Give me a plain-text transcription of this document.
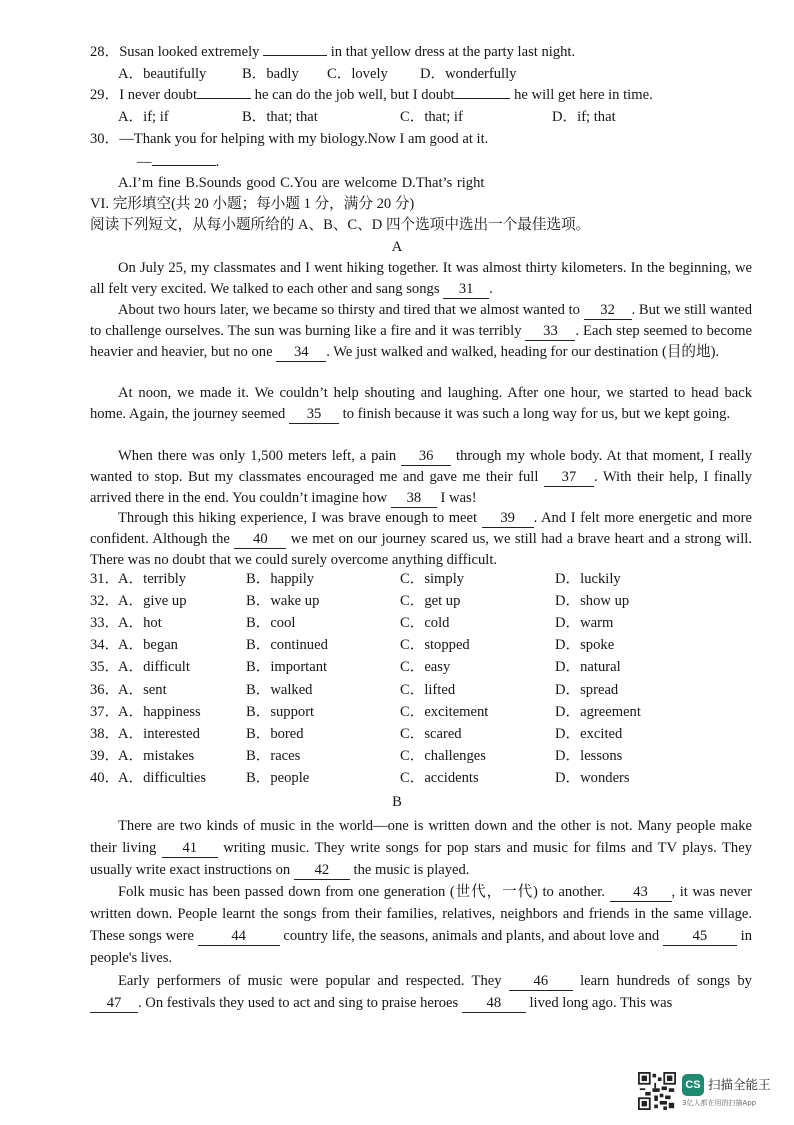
28．Susan looked extremely	in that yellow dress at the party last night.
A．beautifully B．badly C．lovely D．wonderfully
29．I never doubt	he can do the job well, but I doubt	he will get here in time.
A．if; if	B．that; that	C．that; if	D．if; that
30．—Thank you for helping with my biology.Now I am good at it.
—	.
A.I’m fine B.Sounds good C.You are welcome D.That’s right
VI. 完形填空(共 20 小题；每小题 1 分，满分 20 分)
阅读下列短文，从每小题所给的 A、B、C、D 四个选项中选出一个最佳选项。
A
On July 25, my classmates and I went hiking together. It was almost thirty kilometers. In the beginning, we all felt very excited. We talked to each other and sang songs 31 .
About two hours later, we became so thirsty and tired that we almost wanted to 32 . But we still wanted to challenge ourselves. The sun was burning like a fire and it was terribly 33 . Each step seemed to become heavier and heavier, but no one 34 . We just walked and walked, heading for our destination (目的地).
At noon, we made it. We couldn’t help shouting and laughing. After one hour, we started to head back home. Again, the journey seemed 35 to finish because it was such a long way for us, but we kept going.
When there was only 1,500 meters left, a pain 36 through my whole body. At that moment, I really wanted to stop. But my classmates encouraged me and gave me their full 37 . With their help, I finally arrived there in the end. You couldn’t imagine how 38 I was!
Through this hiking experience, I was brave enough to meet 39 . And I felt more energetic and more confident. Although the 40 we met on our journey scared us, we still had a brave heart and a strong will. There was no doubt that we could surely overcome anything difficult.
31．
A．terribly	B．happily	C．simply	D．luckily
32．
A．give up	B．wake up	C．get up	D．show up
33．
A．hot	B．cool	C．cold	D．warm
34．
A．began	B．continued	C．stopped	D．spoke
35．
A．difficult	B．important	C．easy	D．natural
36．
A．sent	B．walked	C．lifted	D．spread
37．
A．happiness	B．support	C．excitement	D．agreement
38．
A．interested	B．bored	C．scared	D．excited
39．
A．mistakes	B．races	C．challenges	D．lessons
40．
A．difficulties	B．people	C．accidents	D．wonders
B
There are two kinds of music in the world—one is written down and the other is not. Many people make their living 41 writing music. They write songs for pop stars and music for films and TV plays. They usually write exact instructions on 42 the music is played.
Folk music has been passed down from one generation (世代，一代) to another. 43 , it was never written down. People learnt the songs from their families, relatives, neighbors and friends in the same village. These songs were 44 country life, the seasons, animals and plants, and about love and 45 in people's lives.
Early performers of music were popular and respected. They 46 learn hundreds of songs by 47 . On festivals they used to act and sing to praise heroes 48 lived long ago. This was
CS 扫描全能王
3亿人都在用的扫描App
